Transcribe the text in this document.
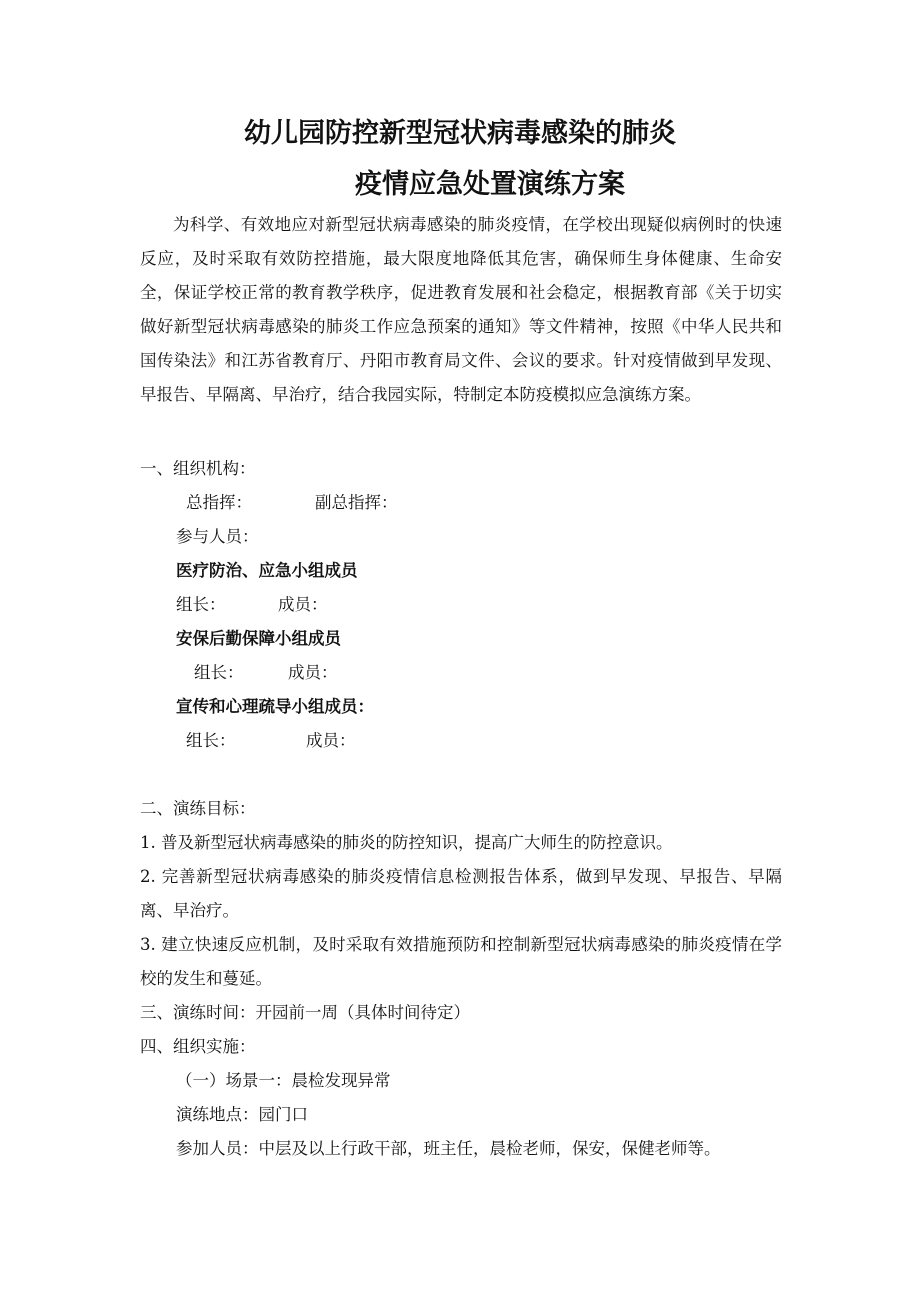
幼儿园防控新型冠状病毒感染的肺炎
疫情应急处置演练方案
为科学、有效地应对新型冠状病毒感染的肺炎疫情，在学校出现疑似病例时的快速反应，及时采取有效防控措施，最大限度地降低其危害，确保师生身体健康、生命安全，保证学校正常的教育教学秩序，促进教育发展和社会稳定，根据教育部《关于切实做好新型冠状病毒感染的肺炎工作应急预案的通知》等文件精神，按照《中华人民共和国传染法》和江苏省教育厅、丹阳市教育局文件、会议的要求。针对疫情做到早发现、早报告、早隔离、早治疗，结合我园实际，特制定本防疫模拟应急演练方案。
一、组织机构：
总指挥：	副总指挥：
参与人员：
医疗防治、应急小组成员
组长：	成员：
安保后勤保障小组成员
组长：	成员：
宣传和心理疏导小组成员：
组长：	成员：
二、演练目标：
1. 普及新型冠状病毒感染的肺炎的防控知识，提高广大师生的防控意识。
2. 完善新型冠状病毒感染的肺炎疫情信息检测报告体系，做到早发现、早报告、早隔离、早治疗。
3. 建立快速反应机制，及时采取有效措施预防和控制新型冠状病毒感染的肺炎疫情在学校的发生和蔓延。
三、演练时间：开园前一周（具体时间待定）
四、组织实施：
（一）场景一：晨检发现异常
演练地点：园门口
参加人员：中层及以上行政干部，班主任，晨检老师，保安，保健老师等。
